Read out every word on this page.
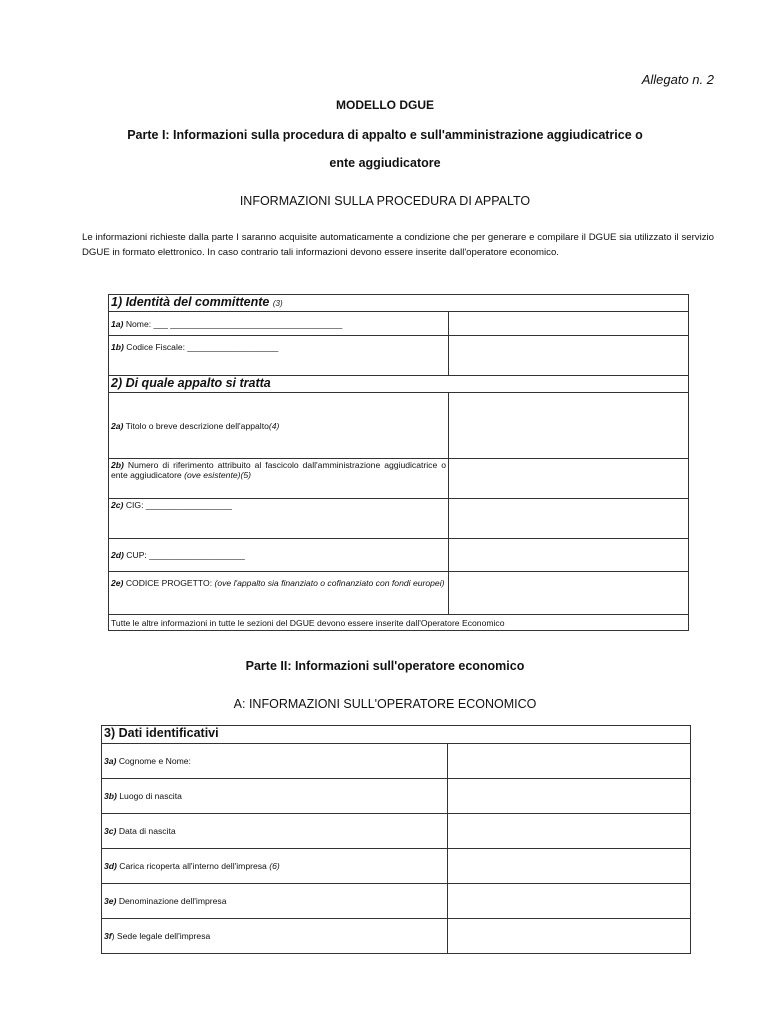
Allegato n. 2
MODELLO DGUE
Parte I: Informazioni sulla procedura di appalto e sull'amministrazione aggiudicatrice o
ente aggiudicatore
INFORMAZIONI SULLA PROCEDURA DI APPALTO
Le informazioni richieste dalla parte I saranno acquisite automaticamente a condizione che per generare e compilare il DGUE sia utilizzato il servizio DGUE in formato elettronico. In caso contrario tali informazioni devono essere inserite dall'operatore economico.
1) Identità del committente (3)	
1a) Nome: ___ ____________________________________	
1b) Codice Fiscale: ___________________	
2) Di quale appalto si tratta	
2a) Titolo o breve descrizione dell'appalto(4)	
2b) Numero di riferimento attribuito al fascicolo dall'amministrazione aggiudicatrice o ente aggiudicatore (ove esistente)(5)	
2c) CIG: __________________	
2d) CUP: ____________________	
2e) CODICE PROGETTO: (ove l'appalto sia finanziato o cofinanziato con fondi europei)	
Tutte le altre informazioni in tutte le sezioni del DGUE devono essere inserite dall'Operatore Economico	
Parte II: Informazioni sull'operatore economico
A: INFORMAZIONI SULL'OPERATORE ECONOMICO
3) Dati identificativi	
3a) Cognome e Nome:	
3b) Luogo di nascita	
3c) Data di nascita	
3d) Carica ricoperta all'interno dell'impresa (6)	
3e) Denominazione dell'impresa	
3f) Sede legale dell'impresa	
